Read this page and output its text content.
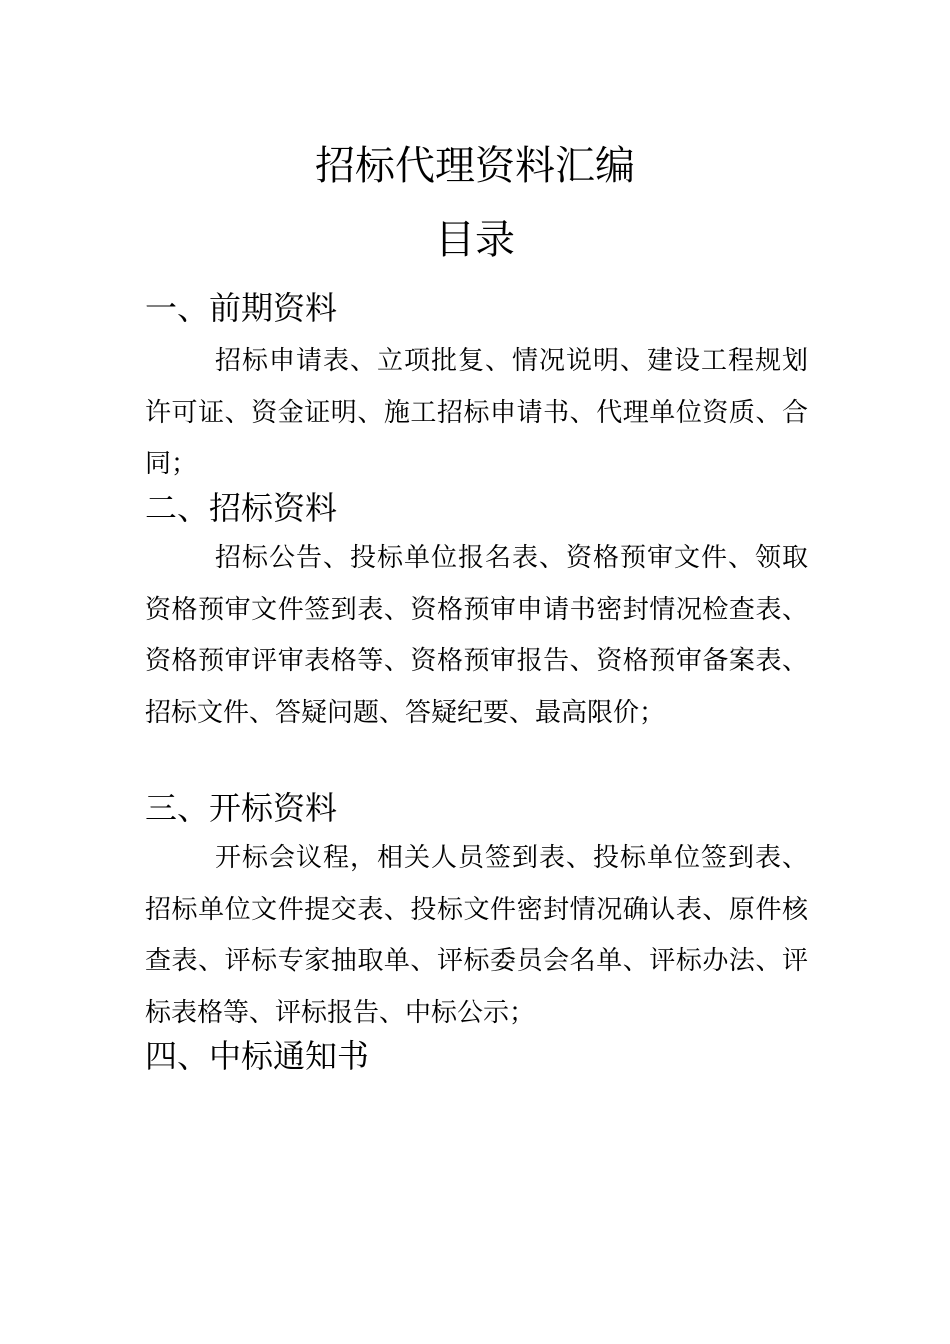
招标代理资料汇编
目录
一、前期资料

招标申请表、立项批复、情况说明、建设工程规划许可证、资金证明、施工招标申请书、代理单位资质、合同；

二、招标资料

招标公告、投标单位报名表、资格预审文件、领取资格预审文件签到表、资格预审申请书密封情况检查表、资格预审评审表格等、资格预审报告、资格预审备案表、招标文件、答疑问题、答疑纪要、最高限价；

三、开标资料

开标会议程，相关人员签到表、投标单位签到表、招标单位文件提交表、投标文件密封情况确认表、原件核查表、评标专家抽取单、评标委员会名单、评标办法、评标表格等、评标报告、中标公示；

四、中标通知书
